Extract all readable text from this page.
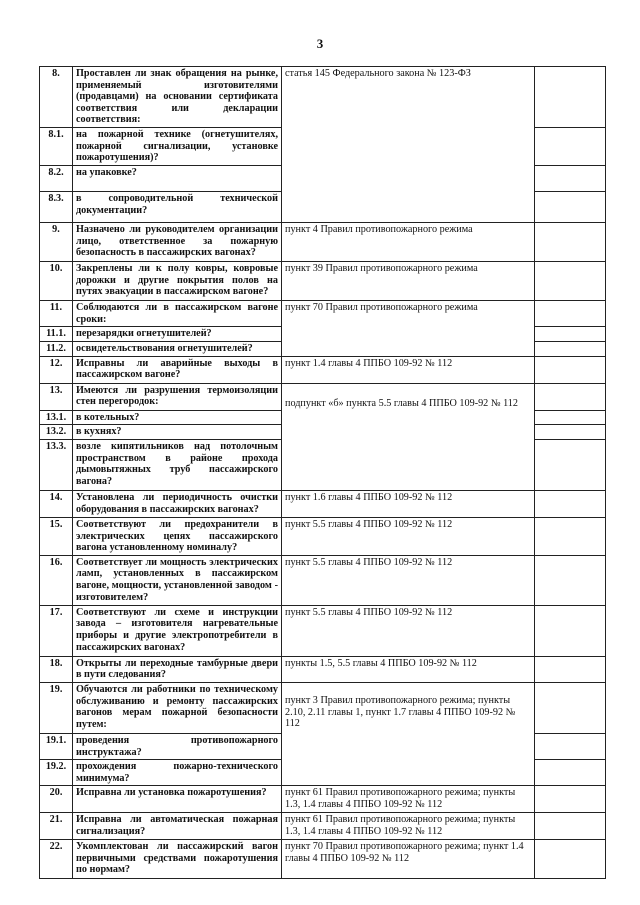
3
8.	Проставлен ли знак обращения на рынке, применяемый изготовителями (продавцами) на основании сертификата соответствия или декларации соответствия:	статья 145 Федерального закона № 123-ФЗ	
8.1.	на пожарной технике (огнетушителях, пожарной сигнализации, установке пожаротушения)?		
8.2.	на упаковке?		
8.3.	в сопроводительной технической документации?		
9.	Назначено ли руководителем организации лицо, ответственное за пожарную безопасность в пассажирских вагонах?	пункт 4 Правил противопожарного режима	
10.	Закреплены ли к полу ковры, ковровые дорожки и другие покрытия полов на путях эвакуации в пассажирском вагоне?	пункт 39 Правил противопожарного режима	
11.	Соблюдаются ли в пассажирском вагоне сроки:	пункт 70 Правил противопожарного режима	
11.1.	перезарядки огнетушителей?		
11.2.	освидетельствования огнетушителей?		
12.	Исправны ли аварийные выходы в пассажирском вагоне?	пункт 1.4 главы 4 ППБО 109-92 № 112	
13.	Имеются ли разрушения термоизоляции стен перегородок:	подпункт «б» пункта 5.5 главы 4 ППБО 109-92 № 112	
13.1.	в котельных?		
13.2.	в кухнях?		
13.3.	возле кипятильников над потолочным пространством в районе прохода дымовытяжных труб пассажирского вагона?		
14.	Установлена ли периодичность очистки оборудования в пассажирских вагонах?	пункт 1.6 главы 4 ППБО 109-92 № 112	
15.	Соответствуют ли предохранители в электрических цепях пассажирского вагона установленному номиналу?	пункт 5.5 главы 4 ППБО 109-92 № 112	
16.	Соответствует ли мощность электрических ламп, установленных в пассажирском вагоне, мощности, установленной заводом - изготовителем?	пункт 5.5 главы 4 ППБО 109-92 № 112	
17.	Соответствуют ли схеме и инструкции завода – изготовителя нагревательные приборы и другие электропотребители в пассажирских вагонах?	пункт 5.5 главы 4 ППБО 109-92 № 112	
18.	Открыты ли переходные тамбурные двери в пути следования?	пункты 1.5, 5.5 главы 4 ППБО 109-92 № 112	
19.	Обучаются ли работники по техническому обслуживанию и ремонту пассажирских вагонов мерам пожарной безопасности путем:	пункт 3 Правил противопожарного режима; пункты 2.10, 2.11 главы 1, пункт 1.7 главы 4 ППБО 109-92 № 112	
19.1.	проведения противопожарного инструктажа?		
19.2.	прохождения пожарно-технического минимума?		
20.	Исправна ли установка пожаротушения?	пункт 61 Правил противопожарного режима; пункты 1.3, 1.4 главы 4 ППБО 109-92 № 112	
21.	Исправна ли автоматическая пожарная сигнализация?	пункт 61 Правил противопожарного режима; пункты 1.3, 1.4 главы 4 ППБО 109-92 № 112	
22.	Укомплектован ли пассажирский вагон первичными средствами пожаротушения по нормам?	пункт 70 Правил противопожарного режима; пункт 1.4 главы 4 ППБО 109-92 № 112	
